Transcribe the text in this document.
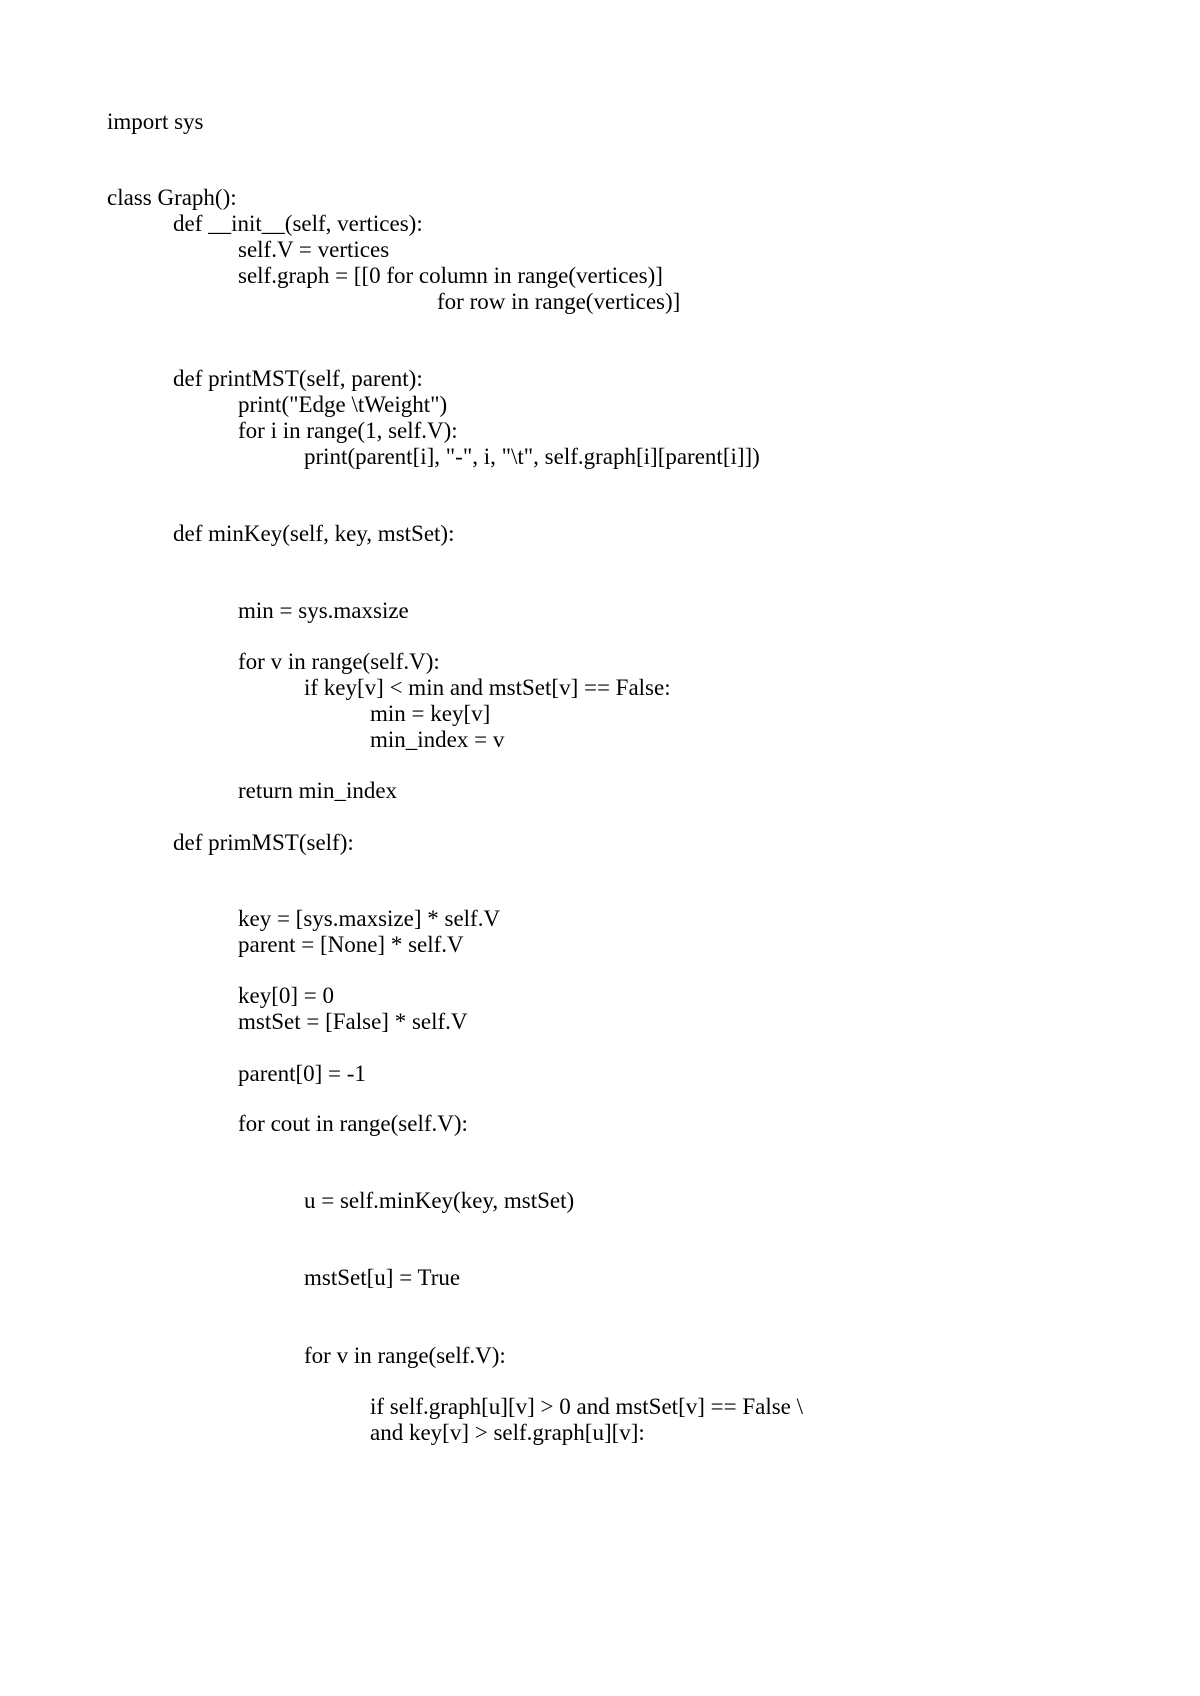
import sys
class Graph():
def __init__(self, vertices):
self.V = vertices
self.graph = [[0 for column in range(vertices)]
for row in range(vertices)]
def printMST(self, parent):
print("Edge \tWeight")
for i in range(1, self.V):
print(parent[i], "-", i, "\t", self.graph[i][parent[i]])
def minKey(self, key, mstSet):
min = sys.maxsize
for v in range(self.V):
if key[v] < min and mstSet[v] == False:
min = key[v]
min_index = v
return min_index
def primMST(self):
key = [sys.maxsize] * self.V
parent = [None] * self.V
key[0] = 0
mstSet = [False] * self.V
parent[0] = -1
for cout in range(self.V):
u = self.minKey(key, mstSet)
mstSet[u] = True
for v in range(self.V):
if self.graph[u][v] > 0 and mstSet[v] == False \
and key[v] > self.graph[u][v]:
